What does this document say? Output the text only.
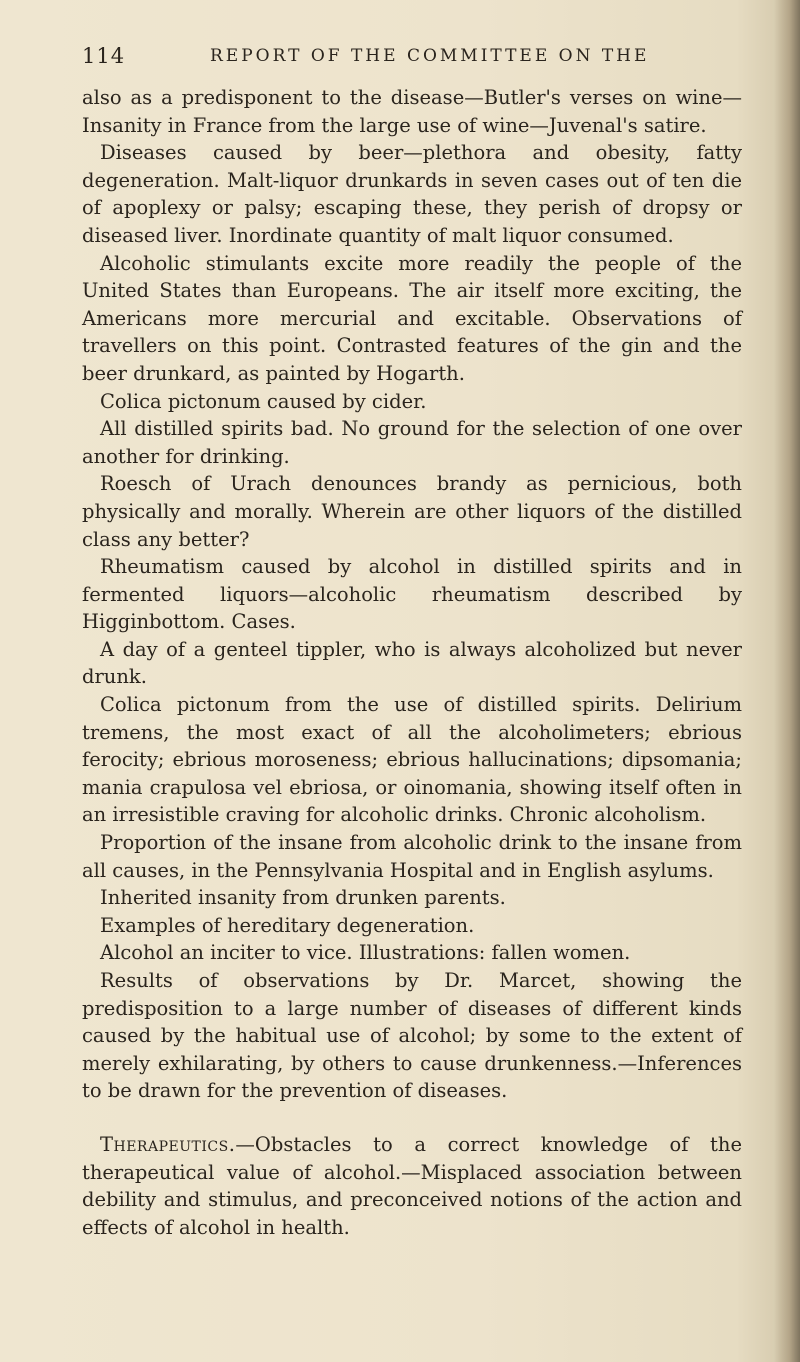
114	REPORT OF THE COMMITTEE ON THE

also as a predisponent to the disease—Butler's verses on wine—Insanity in France from the large use of wine—Juvenal's satire.

Diseases caused by beer—plethora and obesity, fatty degeneration. Malt-liquor drunkards in seven cases out of ten die of apoplexy or palsy; escaping these, they perish of dropsy or diseased liver. Inordinate quantity of malt liquor consumed.

Alcoholic stimulants excite more readily the people of the United States than Europeans. The air itself more exciting, the Americans more mercurial and excitable. Observations of travellers on this point. Contrasted features of the gin and the beer drunkard, as painted by Hogarth.

Colica pictonum caused by cider.

All distilled spirits bad. No ground for the selection of one over another for drinking.

Roesch of Urach denounces brandy as pernicious, both physically and morally. Wherein are other liquors of the distilled class any better?

Rheumatism caused by alcohol in distilled spirits and in fermented liquors—alcoholic rheumatism described by Higginbottom. Cases.

A day of a genteel tippler, who is always alcoholized but never drunk.

Colica pictonum from the use of distilled spirits. Delirium tremens, the most exact of all the alcoholimeters; ebrious ferocity; ebrious moroseness; ebrious hallucinations; dipsomania; mania crapulosa vel ebriosa, or oinomania, showing itself often in an irresistible craving for alcoholic drinks. Chronic alcoholism.

Proportion of the insane from alcoholic drink to the insane from all causes, in the Pennsylvania Hospital and in English asylums.

Inherited insanity from drunken parents.

Examples of hereditary degeneration.

Alcohol an inciter to vice. Illustrations: fallen women.

Results of observations by Dr. Marcet, showing the predisposition to a large number of diseases of different kinds caused by the habitual use of alcohol; by some to the extent of merely exhilarating, by others to cause drunkenness.—Inferences to be drawn for the prevention of diseases.

Therapeutics.—Obstacles to a correct knowledge of the therapeutical value of alcohol.—Misplaced association between debility and stimulus, and preconceived notions of the action and effects of alcohol in health.
